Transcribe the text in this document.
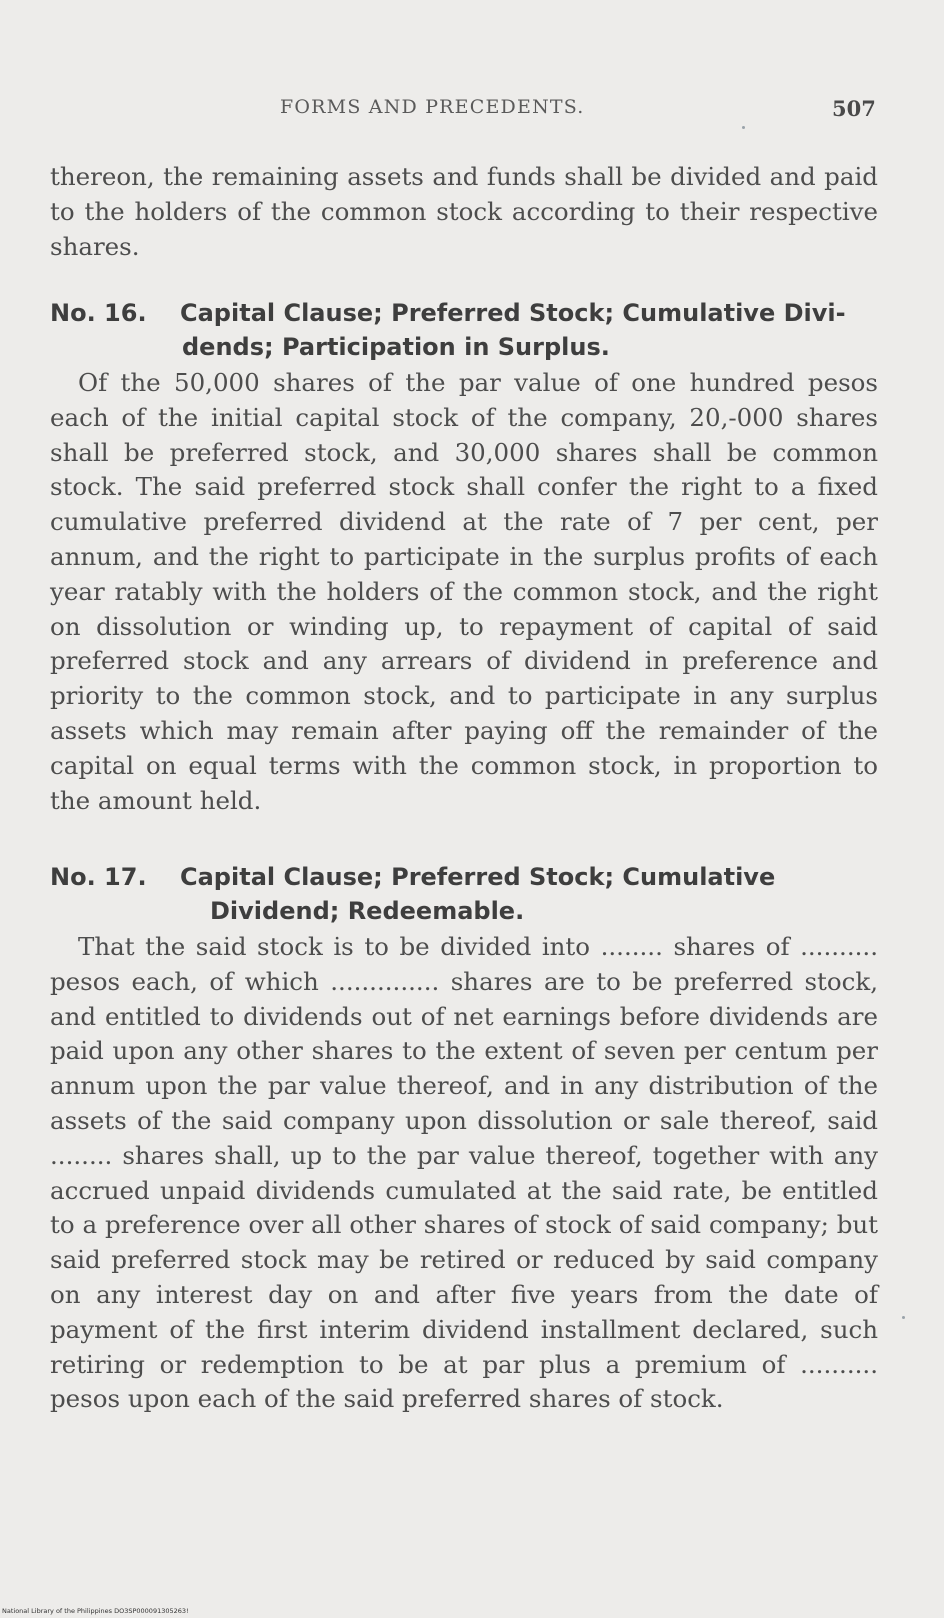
FORMS AND PRECEDENTS.	507

thereon, the remaining assets and funds shall be divided and paid to the holders of the common stock according to their respective shares.

No. 16. Capital Clause; Preferred Stock; Cumulative Divi-
dends; Participation in Surplus.

Of the 50,000 shares of the par value of one hundred pesos each of the initial capital stock of the company, 20,-000 shares shall be preferred stock, and 30,000 shares shall be common stock. The said preferred stock shall confer the right to a fixed cumulative preferred dividend at the rate of 7 per cent, per annum, and the right to participate in the surplus profits of each year ratably with the holders of the common stock, and the right on dissolution or winding up, to repayment of capital of said preferred stock and any arrears of dividend in preference and priority to the common stock, and to participate in any surplus assets which may remain after paying off the remainder of the capital on equal terms with the common stock, in proportion to the amount held.

No. 17. Capital Clause; Preferred Stock; Cumulative
Dividend; Redeemable.

That the said stock is to be divided into ........ shares of .......... pesos each, of which .............. shares are to be preferred stock, and entitled to dividends out of net earnings before dividends are paid upon any other shares to the extent of seven per centum per annum upon the par value thereof, and in any distribution of the assets of the said company upon dissolution or sale thereof, said ........ shares shall, up to the par value thereof, together with any accrued unpaid dividends cumulated at the said rate, be entitled to a preference over all other shares of stock of said company; but said preferred stock may be retired or reduced by said company on any interest day on and after five years from the date of payment of the first interim dividend installment declared, such retiring or redemption to be at par plus a premium of .......... pesos upon each of the said preferred shares of stock.

National Library of the Philippines DO3SP000091305263!
